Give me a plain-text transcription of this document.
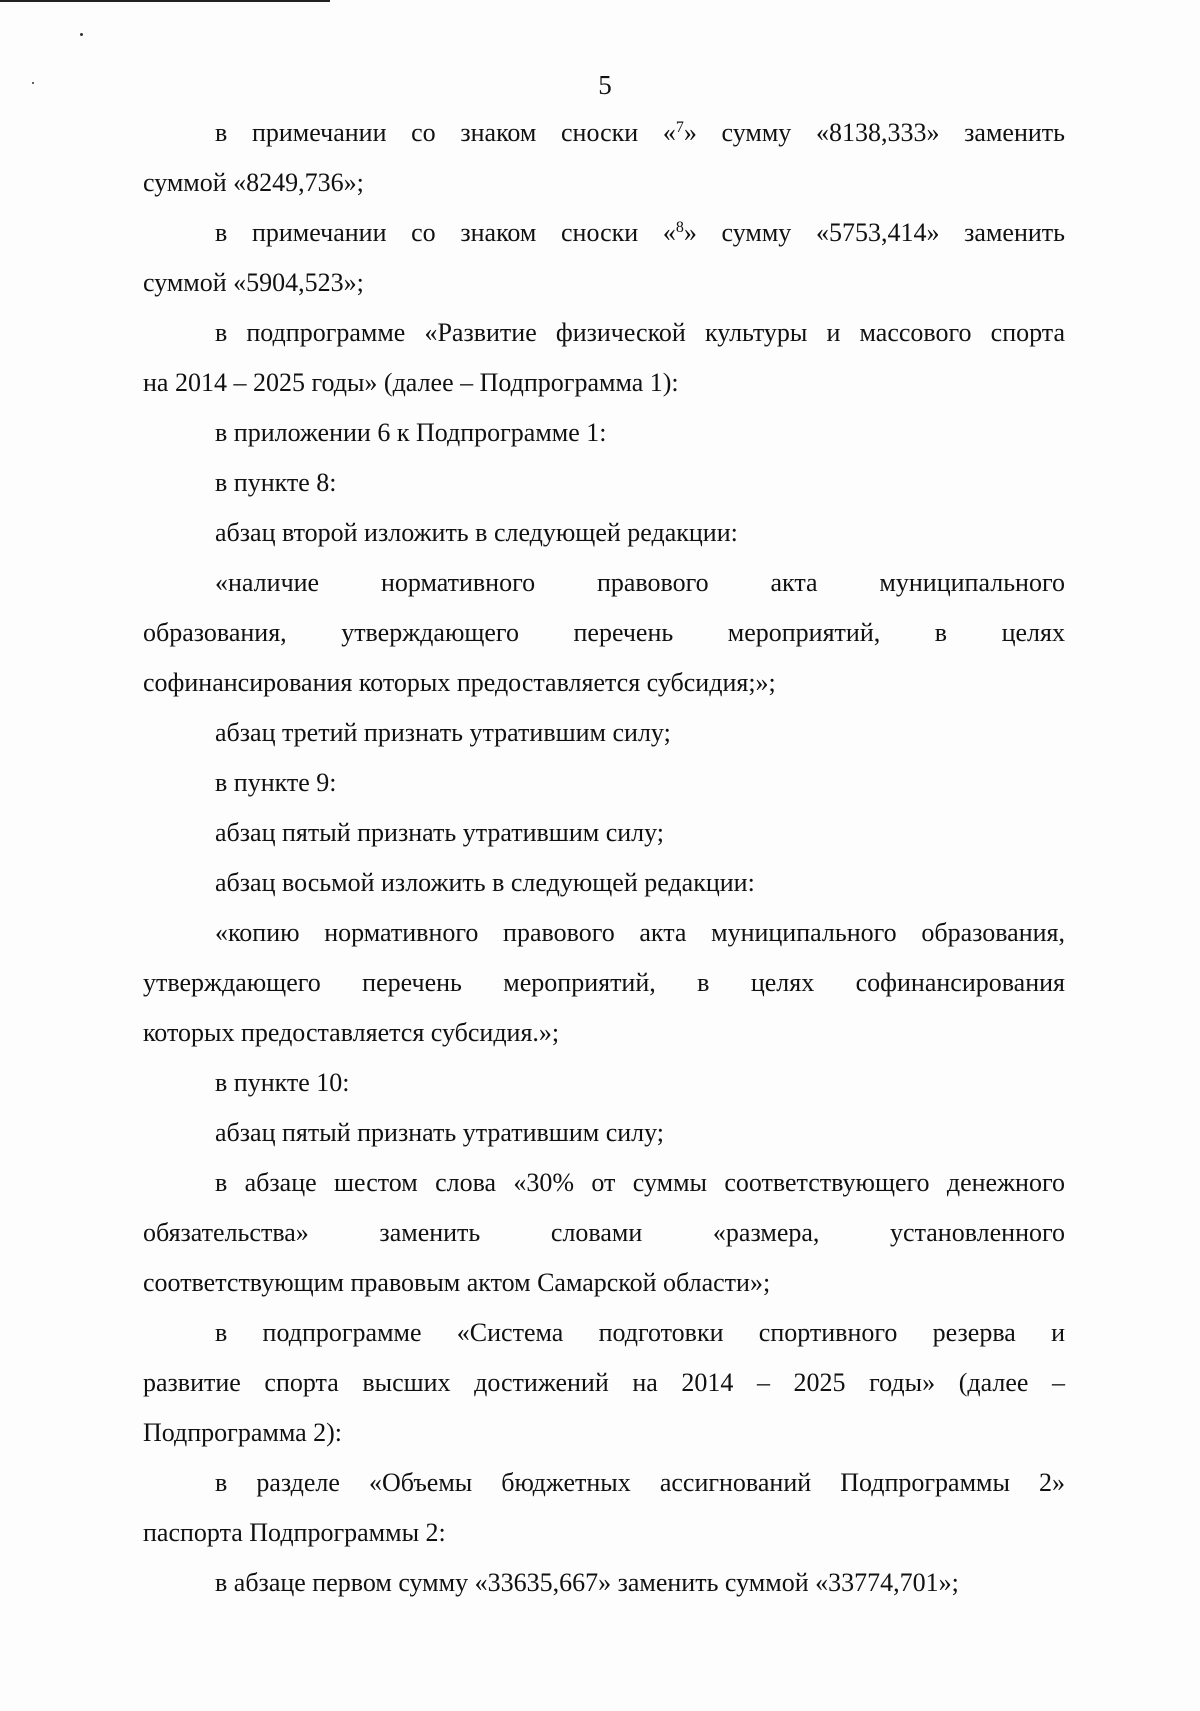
5
в примечании со знаком сноски «$^7$» сумму «8138,333» заменить
суммой «8249,736»;
в примечании со знаком сноски «$^8$» сумму «5753,414» заменить
суммой «5904,523»;
в подпрограмме «Развитие физической культуры и массового спорта
на 2014 – 2025 годы» (далее – Подпрограмма 1):
в приложении 6 к Подпрограмме 1:
в пункте 8:
абзац второй изложить в следующей редакции:
«наличие нормативного правового акта муниципального
образования, утверждающего перечень мероприятий, в целях
софинансирования которых предоставляется субсидия;»;
абзац третий признать утратившим силу;
в пункте 9:
абзац пятый признать утратившим силу;
абзац восьмой изложить в следующей редакции:
«копию нормативного правового акта муниципального образования,
утверждающего перечень мероприятий, в целях софинансирования
которых предоставляется субсидия.»;
в пункте 10:
абзац пятый признать утратившим силу;
в абзаце шестом слова «30% от суммы соответствующего денежного
обязательства» заменить словами «размера, установленного
соответствующим правовым актом Самарской области»;
в подпрограмме «Система подготовки спортивного резерва и
развитие спорта высших достижений на 2014 – 2025 годы» (далее –
Подпрограмма 2):
в разделе «Объемы бюджетных ассигнований Подпрограммы 2»
паспорта Подпрограммы 2:
в абзаце первом сумму «33635,667» заменить суммой «33774,701»;
